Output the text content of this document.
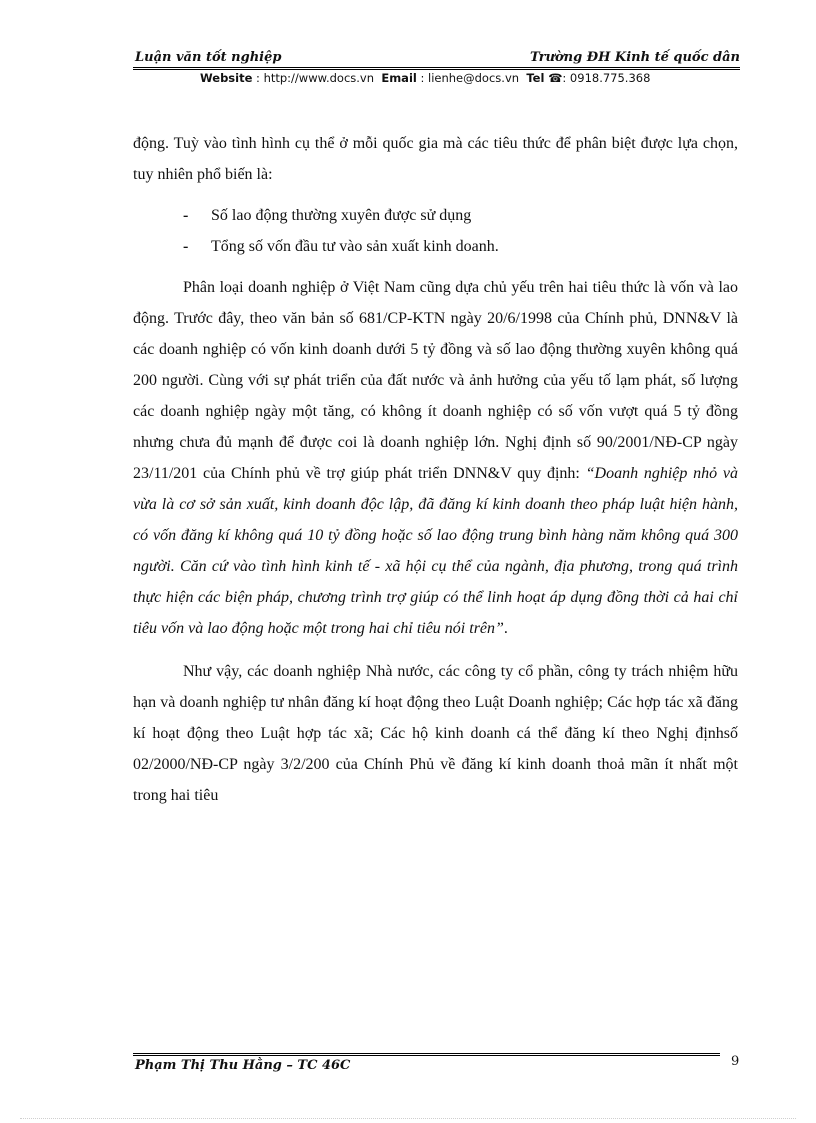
Luận văn tốt nghiệp	Trường ĐH Kinh tế quốc dân
Website : http://www.docs.vn Email : lienhe@docs.vn Tel ☎: 0918.775.368

động. Tuỳ vào tình hình cụ thể ở mỗi quốc gia mà các tiêu thức để phân biệt được lựa chọn, tuy nhiên phổ biến là:

- Số lao động thường xuyên được sử dụng
- Tổng số vốn đầu tư vào sản xuất kinh doanh.

Phân loại doanh nghiệp ở Việt Nam cũng dựa chủ yếu trên hai tiêu thức là vốn và lao động. Trước đây, theo văn bản số 681/CP-KTN ngày 20/6/1998 của Chính phủ, DNN&V là các doanh nghiệp có vốn kinh doanh dưới 5 tỷ đồng và số lao động thường xuyên không quá 200 người. Cùng với sự phát triển của đất nước và ảnh hưởng của yếu tố lạm phát, số lượng các doanh nghiệp ngày một tăng, có không ít doanh nghiệp có số vốn vượt quá 5 tỷ đồng nhưng chưa đủ mạnh để được coi là doanh nghiệp lớn. Nghị định số 90/2001/NĐ-CP ngày 23/11/201 của Chính phủ về trợ giúp phát triển DNN&V quy định: “Doanh nghiệp nhỏ và vừa là cơ sở sản xuất, kinh doanh độc lập, đã đăng kí kinh doanh theo pháp luật hiện hành, có vốn đăng kí không quá 10 tỷ đồng hoặc số lao động trung bình hàng năm không quá 300 người. Căn cứ vào tình hình kinh tế - xã hội cụ thể của ngành, địa phương, trong quá trình thực hiện các biện pháp, chương trình trợ giúp có thể linh hoạt áp dụng đồng thời cả hai chỉ tiêu vốn và lao động hoặc một trong hai chỉ tiêu nói trên”.

Như vậy, các doanh nghiệp Nhà nước, các công ty cổ phần, công ty trách nhiệm hữu hạn và doanh nghiệp tư nhân đăng kí hoạt động theo Luật Doanh nghiệp; Các hợp tác xã đăng kí hoạt động theo Luật hợp tác xã; Các hộ kinh doanh cá thể đăng kí theo Nghị địnhsố 02/2000/NĐ-CP ngày 3/2/200 của Chính Phủ về đăng kí kinh doanh thoả mãn ít nhất một trong hai tiêu

Phạm Thị Thu Hằng – TC 46C	9
